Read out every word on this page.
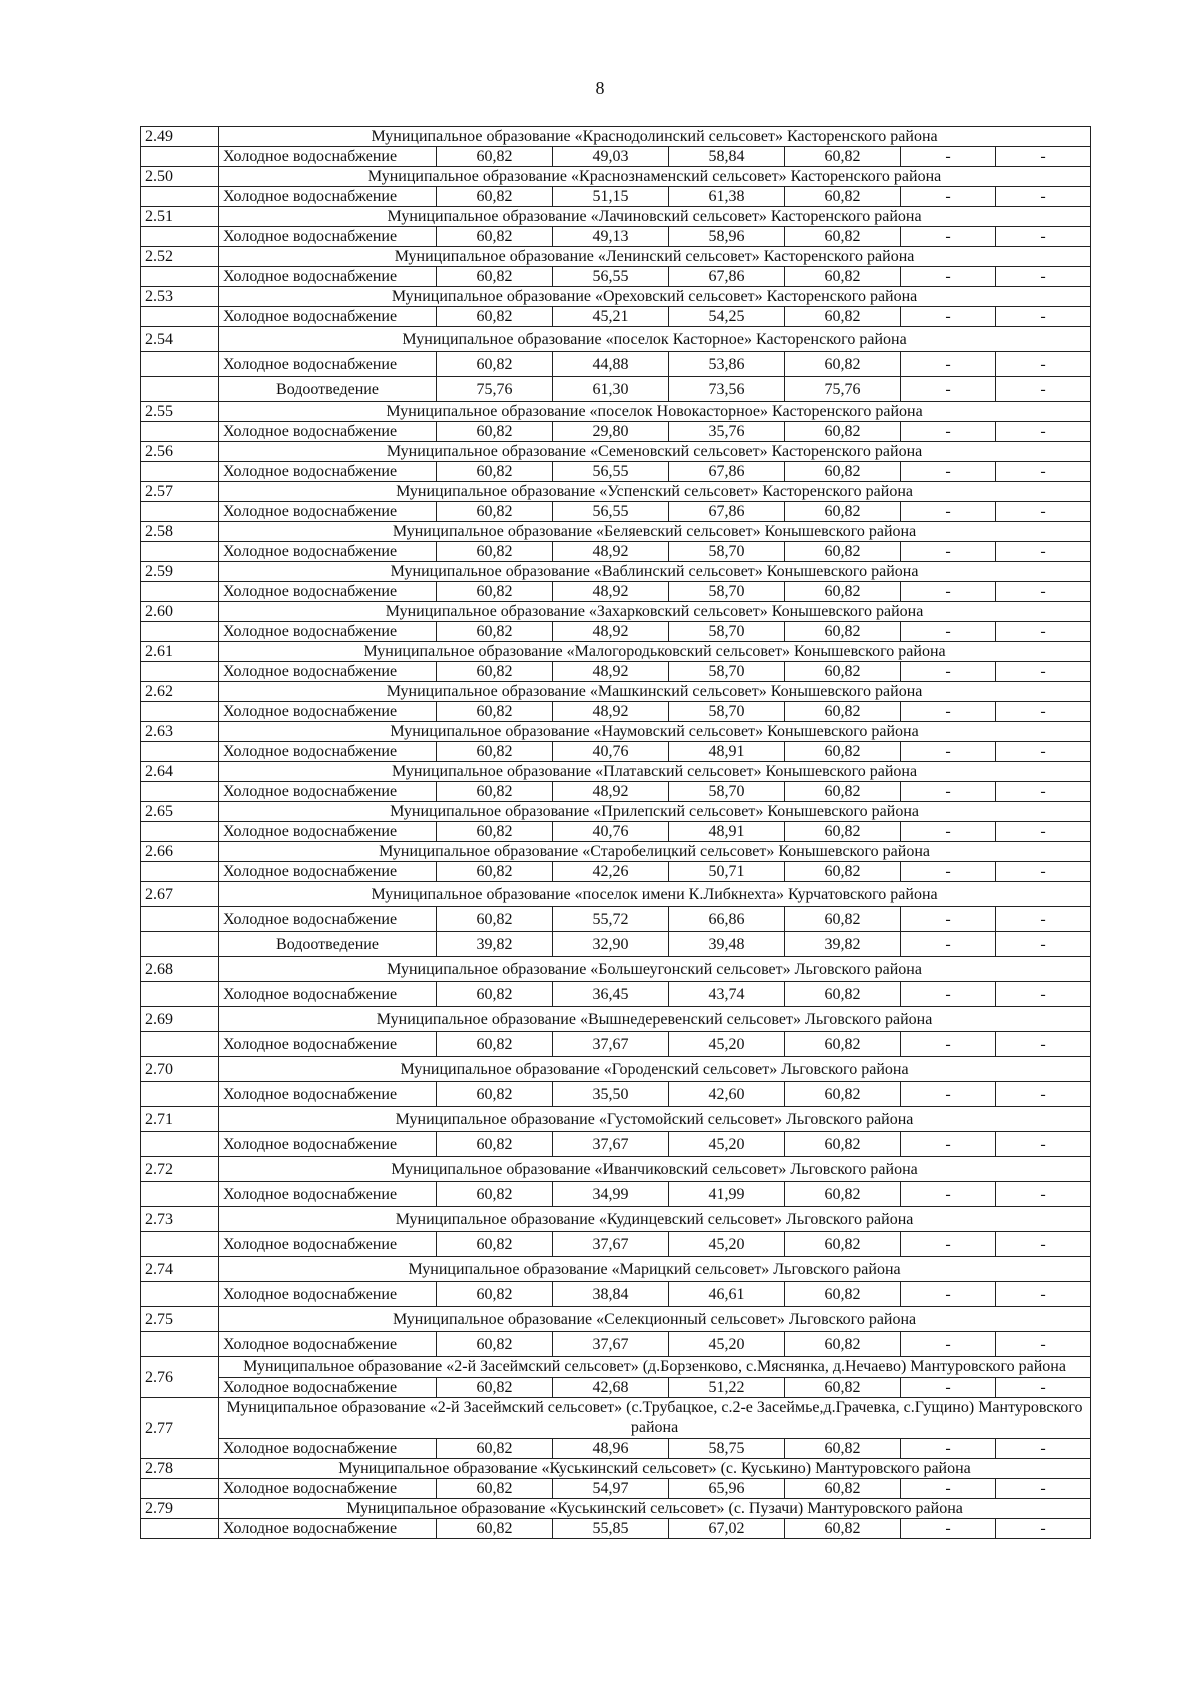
8
2.49	Муниципальное образование «Краснодолинский сельсовет» Касторенского района						
	Холодное водоснабжение	60,82	49,03	58,84	60,82	-	-
2.50	Муниципальное образование «Краснознаменский сельсовет» Касторенского района						
	Холодное водоснабжение	60,82	51,15	61,38	60,82	-	-
2.51	Муниципальное образование «Лачиновский сельсовет» Касторенского района						
	Холодное водоснабжение	60,82	49,13	58,96	60,82	-	-
2.52	Муниципальное образование «Ленинский сельсовет» Касторенского района						
	Холодное водоснабжение	60,82	56,55	67,86	60,82	-	-
2.53	Муниципальное образование «Ореховский сельсовет» Касторенского района						
	Холодное водоснабжение	60,82	45,21	54,25	60,82	-	-
2.54	Муниципальное образование «поселок Касторное» Касторенского района						
	Холодное водоснабжение	60,82	44,88	53,86	60,82	-	-
	Водоотведение	75,76	61,30	73,56	75,76	-	-
2.55	Муниципальное образование «поселок Новокасторное» Касторенского района						
	Холодное водоснабжение	60,82	29,80	35,76	60,82	-	-
2.56	Муниципальное образование «Семеновский сельсовет» Касторенского района						
	Холодное водоснабжение	60,82	56,55	67,86	60,82	-	-
2.57	Муниципальное образование «Успенский сельсовет» Касторенского района						
	Холодное водоснабжение	60,82	56,55	67,86	60,82	-	-
2.58	Муниципальное образование «Беляевский сельсовет» Конышевского района						
	Холодное водоснабжение	60,82	48,92	58,70	60,82	-	-
2.59	Муниципальное образование «Ваблинский сельсовет» Конышевского района						
	Холодное водоснабжение	60,82	48,92	58,70	60,82	-	-
2.60	Муниципальное образование «Захарковский сельсовет» Конышевского района						
	Холодное водоснабжение	60,82	48,92	58,70	60,82	-	-
2.61	Муниципальное образование «Малогородьковский сельсовет» Конышевского района						
	Холодное водоснабжение	60,82	48,92	58,70	60,82	-	-
2.62	Муниципальное образование «Машкинский сельсовет» Конышевского района						
	Холодное водоснабжение	60,82	48,92	58,70	60,82	-	-
2.63	Муниципальное образование «Наумовский сельсовет» Конышевского района						
	Холодное водоснабжение	60,82	40,76	48,91	60,82	-	-
2.64	Муниципальное образование «Платавский сельсовет» Конышевского района						
	Холодное водоснабжение	60,82	48,92	58,70	60,82	-	-
2.65	Муниципальное образование «Прилепский сельсовет» Конышевского района						
	Холодное водоснабжение	60,82	40,76	48,91	60,82	-	-
2.66	Муниципальное образование «Старобелицкий сельсовет» Конышевского района						
	Холодное водоснабжение	60,82	42,26	50,71	60,82	-	-
2.67	Муниципальное образование «поселок имени К.Либкнехта» Курчатовского района						
	Холодное водоснабжение	60,82	55,72	66,86	60,82	-	-
	Водоотведение	39,82	32,90	39,48	39,82	-	-
2.68	Муниципальное образование «Большеугонский сельсовет» Льговского района						
	Холодное водоснабжение	60,82	36,45	43,74	60,82	-	-
2.69	Муниципальное образование «Вышнедеревенский сельсовет» Льговского района						
	Холодное водоснабжение	60,82	37,67	45,20	60,82	-	-
2.70	Муниципальное образование «Городенский сельсовет» Льговского района						
	Холодное водоснабжение	60,82	35,50	42,60	60,82	-	-
2.71	Муниципальное образование «Густомойский сельсовет» Льговского района						
	Холодное водоснабжение	60,82	37,67	45,20	60,82	-	-
2.72	Муниципальное образование «Иванчиковский сельсовет» Льговского района						
	Холодное водоснабжение	60,82	34,99	41,99	60,82	-	-
2.73	Муниципальное образование «Кудинцевский сельсовет» Льговского района						
	Холодное водоснабжение	60,82	37,67	45,20	60,82	-	-
2.74	Муниципальное образование «Марицкий сельсовет» Льговского района						
	Холодное водоснабжение	60,82	38,84	46,61	60,82	-	-
2.75	Муниципальное образование «Селекционный сельсовет» Льговского района						
	Холодное водоснабжение	60,82	37,67	45,20	60,82	-	-
2.76	Муниципальное образование «2-й Засеймский сельсовет» (д.Борзенково, с.Мяснянка, д.Нечаево) Мантуровского района						
	Холодное водоснабжение	60,82	42,68	51,22	60,82	-	-
2.77	Муниципальное образование «2-й Засеймский сельсовет» (с.Трубацкое, с.2-е Засеймье,д.Грачевка, с.Гущино) Мантуровского района						
	Холодное водоснабжение	60,82	48,96	58,75	60,82	-	-
2.78	Муниципальное образование «Куськинский сельсовет» (с. Куськино) Мантуровского района						
	Холодное водоснабжение	60,82	54,97	65,96	60,82	-	-
2.79	Муниципальное образование «Куськинский сельсовет» (с. Пузачи) Мантуровского района						
	Холодное водоснабжение	60,82	55,85	67,02	60,82	-	-
